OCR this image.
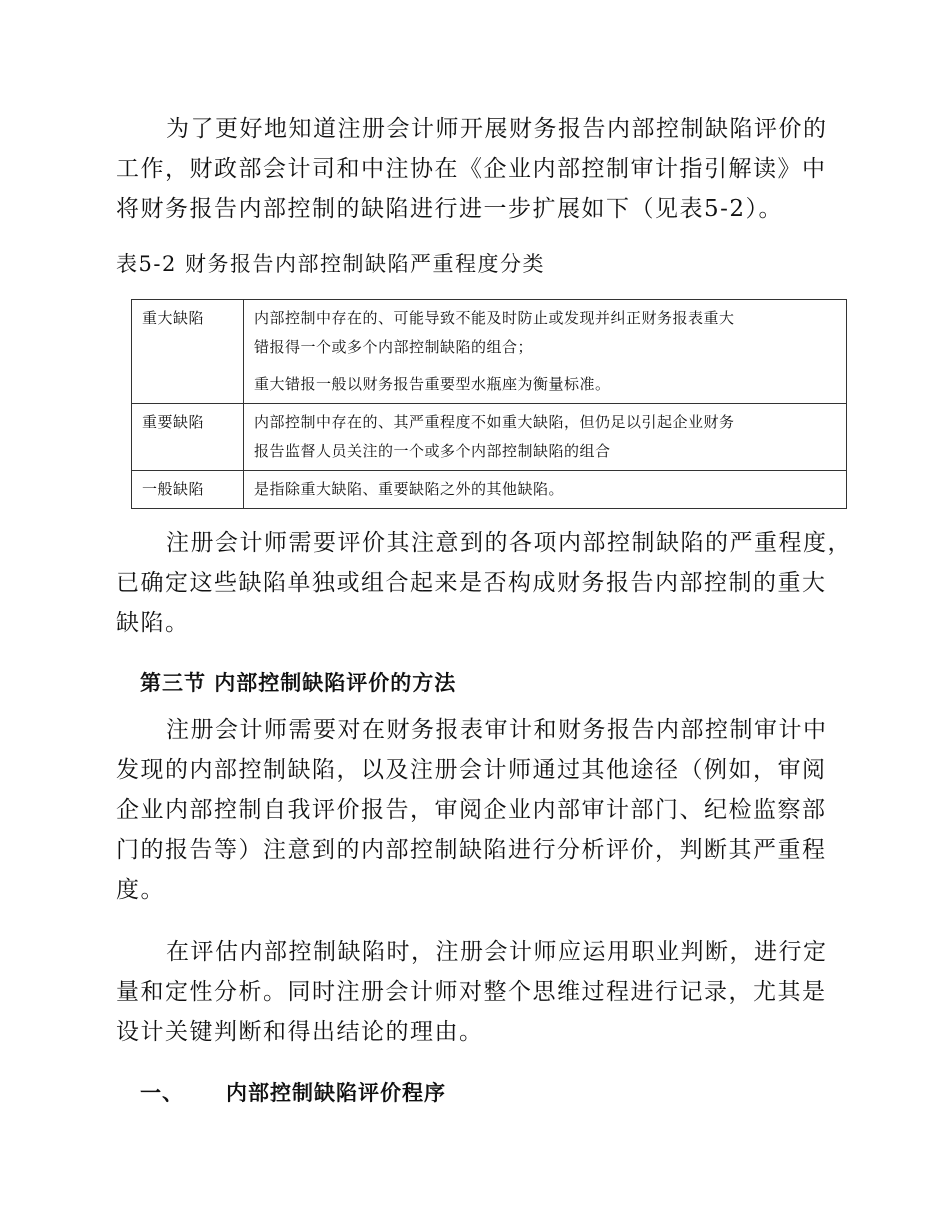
为了更好地知道注册会计师开展财务报告内部控制缺陷评价的
工作，财政部会计司和中注协在《企业内部控制审计指引解读》中
将财务报告内部控制的缺陷进行进一步扩展如下（见表5-2）。

表5-2 财务报告内部控制缺陷严重程度分类

重大缺陷	内部控制中存在的、可能导致不能及时防止或发现并纠正财务报表重大
错报得一个或多个内部控制缺陷的组合；
重大错报一般以财务报告重要型水瓶座为衡量标准。

重要缺陷	内部控制中存在的、其严重程度不如重大缺陷，但仍足以引起企业财务
报告监督人员关注的一个或多个内部控制缺陷的组合

一般缺陷	是指除重大缺陷、重要缺陷之外的其他缺陷。
注册会计师需要评价其注意到的各项内部控制缺陷的严重程度，
已确定这些缺陷单独或组合起来是否构成财务报告内部控制的重大
缺陷。

第三节 内部控制缺陷评价的方法

注册会计师需要对在财务报表审计和财务报告内部控制审计中
发现的内部控制缺陷，以及注册会计师通过其他途径（例如，审阅
企业内部控制自我评价报告，审阅企业内部审计部门、纪检监察部
门的报告等）注意到的内部控制缺陷进行分析评价，判断其严重程
度。
在评估内部控制缺陷时，注册会计师应运用职业判断，进行定
量和定性分析。同时注册会计师对整个思维过程进行记录，尤其是
设计关键判断和得出结论的理由。

一、 内部控制缺陷评价程序
